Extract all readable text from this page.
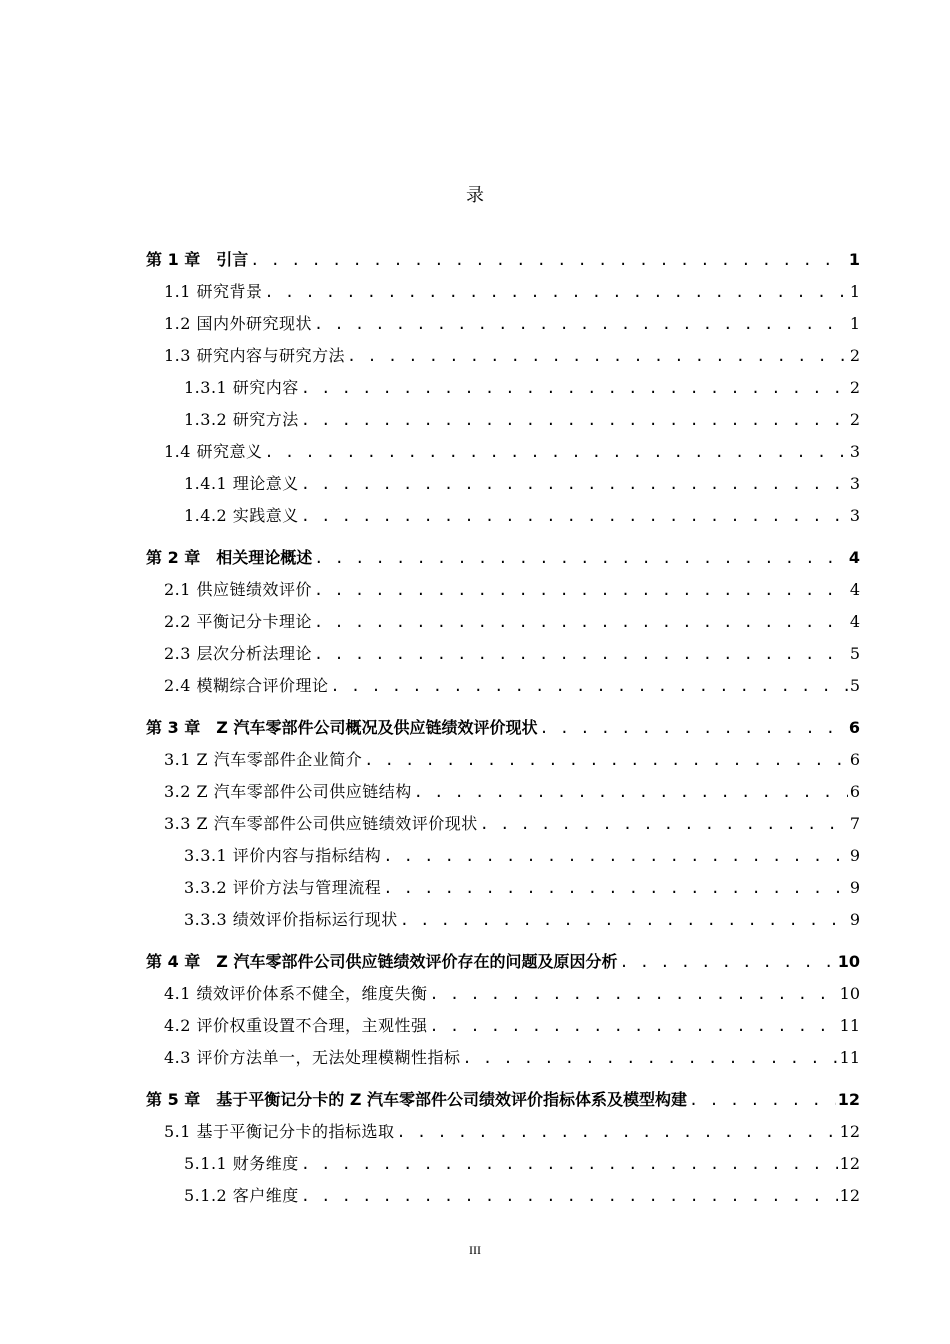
录
第 1 章　引言 . . .	1
1.1 研究背景 . . .	1
1.2 国内外研究现状 . . .	1
1.3 研究内容与研究方法 . . .	2
1.3.1 研究内容 . . .	2
1.3.2 研究方法 . . .	2
1.4 研究意义 . . .	3
1.4.1 理论意义 . . .	3
1.4.2 实践意义 . . .	3
第 2 章　相关理论概述 . . .	4
2.1 供应链绩效评价 . . .	4
2.2 平衡记分卡理论 . . .	4
2.3 层次分析法理论 . . .	5
2.4 模糊综合评价理论 . . .	5
第 3 章　Z 汽车零部件公司概况及供应链绩效评价现状 . . .	6
3.1 Z 汽车零部件企业简介 . . .	6
3.2 Z 汽车零部件公司供应链结构 . . .	6
3.3 Z 汽车零部件公司供应链绩效评价现状 . . .	7
3.3.1 评价内容与指标结构 . . .	9
3.3.2 评价方法与管理流程 . . .	9
3.3.3 绩效评价指标运行现状 . . .	9
第 4 章　Z 汽车零部件公司供应链绩效评价存在的问题及原因分析 . . .	10
4.1 绩效评价体系不健全，维度失衡 . . .	10
4.2 评价权重设置不合理，主观性强 . . .	11
4.3 评价方法单一，无法处理模糊性指标 . . .	11
第 5 章　基于平衡记分卡的 Z 汽车零部件公司绩效评价指标体系及模型构建 . . .	12
5.1 基于平衡记分卡的指标选取 . . .	12
5.1.1 财务维度 . . .	12
5.1.2 客户维度 . . .	12
III
